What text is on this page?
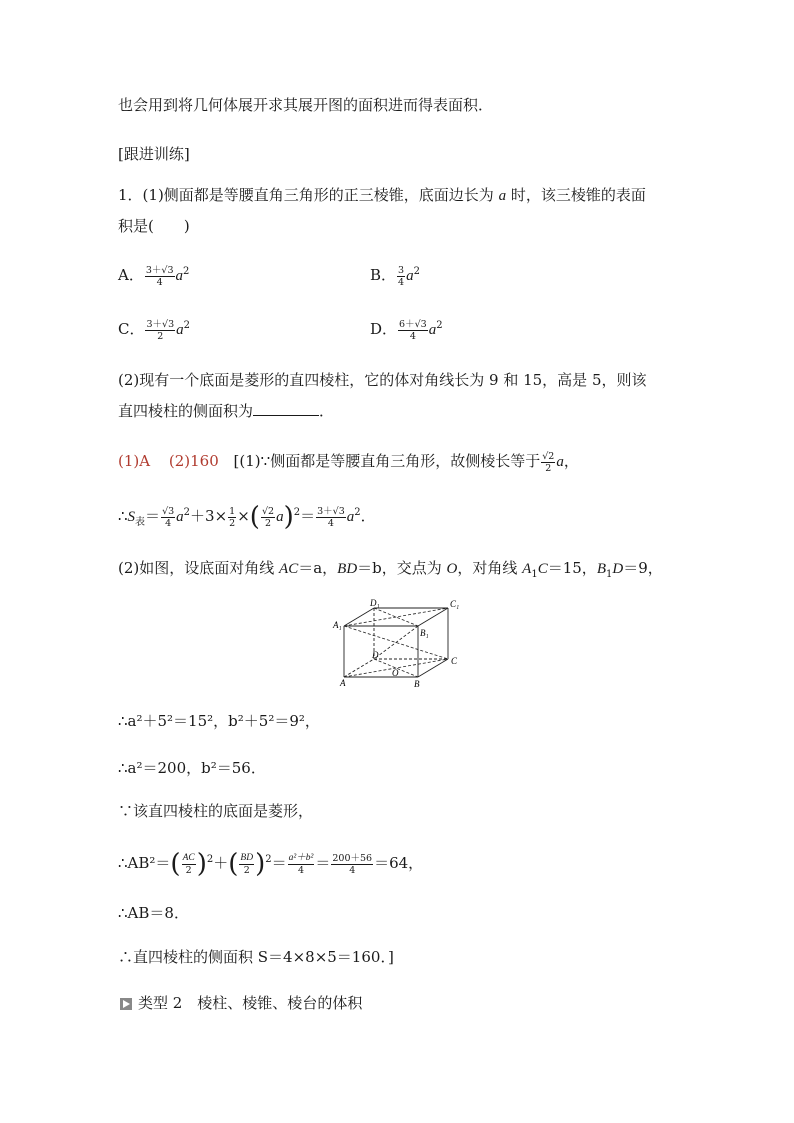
也会用到将几何体展开求其展开图的面积进而得表面积．
[跟进训练]
1．(1)侧面都是等腰直角三角形的正三棱锥，底面边长为 a 时，该三棱锥的表面
积是(　　)
A． $\frac{3+√3}{4} a^2$	B． $\frac{3}{4} a^2$
C． $\frac{3+√3}{2} a^2$	D． $\frac{6+√3}{4} a^2$
(2)现有一个底面是菱形的直四棱柱，它的体对角线长为 9 和 15，高是 5，则该
直四棱柱的侧面积为	．
(1)A (2)160 [(1)∵侧面都是等腰直角三角形，故侧棱长等于 $\frac{√2}{2}$ a，
$\therefore S_表= \frac{√3}{4} a^2+3\times \frac{1}{2}$ ×( $\frac{√2}{2} a)^2= \frac{3+√3}{4} a^2$．
(2)如图，设底面对角线 AC＝a，BD＝b，交点为 O，对角线 $A_1C=15$，$B_1D=9$，
D₁	C₁
A₁
B₁
D
C
A
O
B
∴a²＋5²＝15²，b²＋5²＝9²，
∴a²＝200，b²＝56．
∵该直四棱柱的底面是菱形，
∴AB²＝( $\frac{AC}{2} )^2+( \frac{BD}{2} )^2= \frac{\text{a²＋b²}}{4} = \frac{200+56}{4} =64$，
∴AB＝8．
∴直四棱柱的侧面积 S＝4×8×5＝160．]
类型 2　棱柱、棱锥、棱台的体积
